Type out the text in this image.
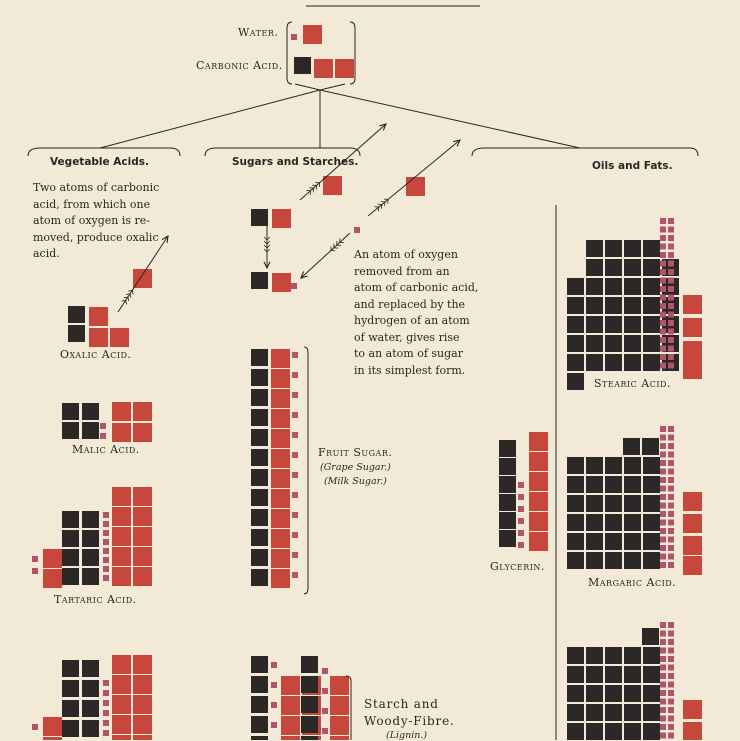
Water.
Carbonic Acid.
Vegetable Acids.	Sugars and Starches.	Oils and Fats.
Two atoms of carbonic
acid, from which one
atom of oxygen is re-
moved, produce oxalic
acid.	An atom of oxygen
removed from an
atom of carbonic acid,
and replaced by the
hydrogen of an atom
of water, gives rise
to an atom of sugar
in its simplest form.
Oxalic Acid.
Malic Acid.
Tartaric Acid.
Fruit Sugar.
(Grape Sugar.)
(Milk Sugar.)
Starch and
Woody-Fibre.
(Lignin.)
Glycerin.
Stearic Acid.
Margaric Acid.
